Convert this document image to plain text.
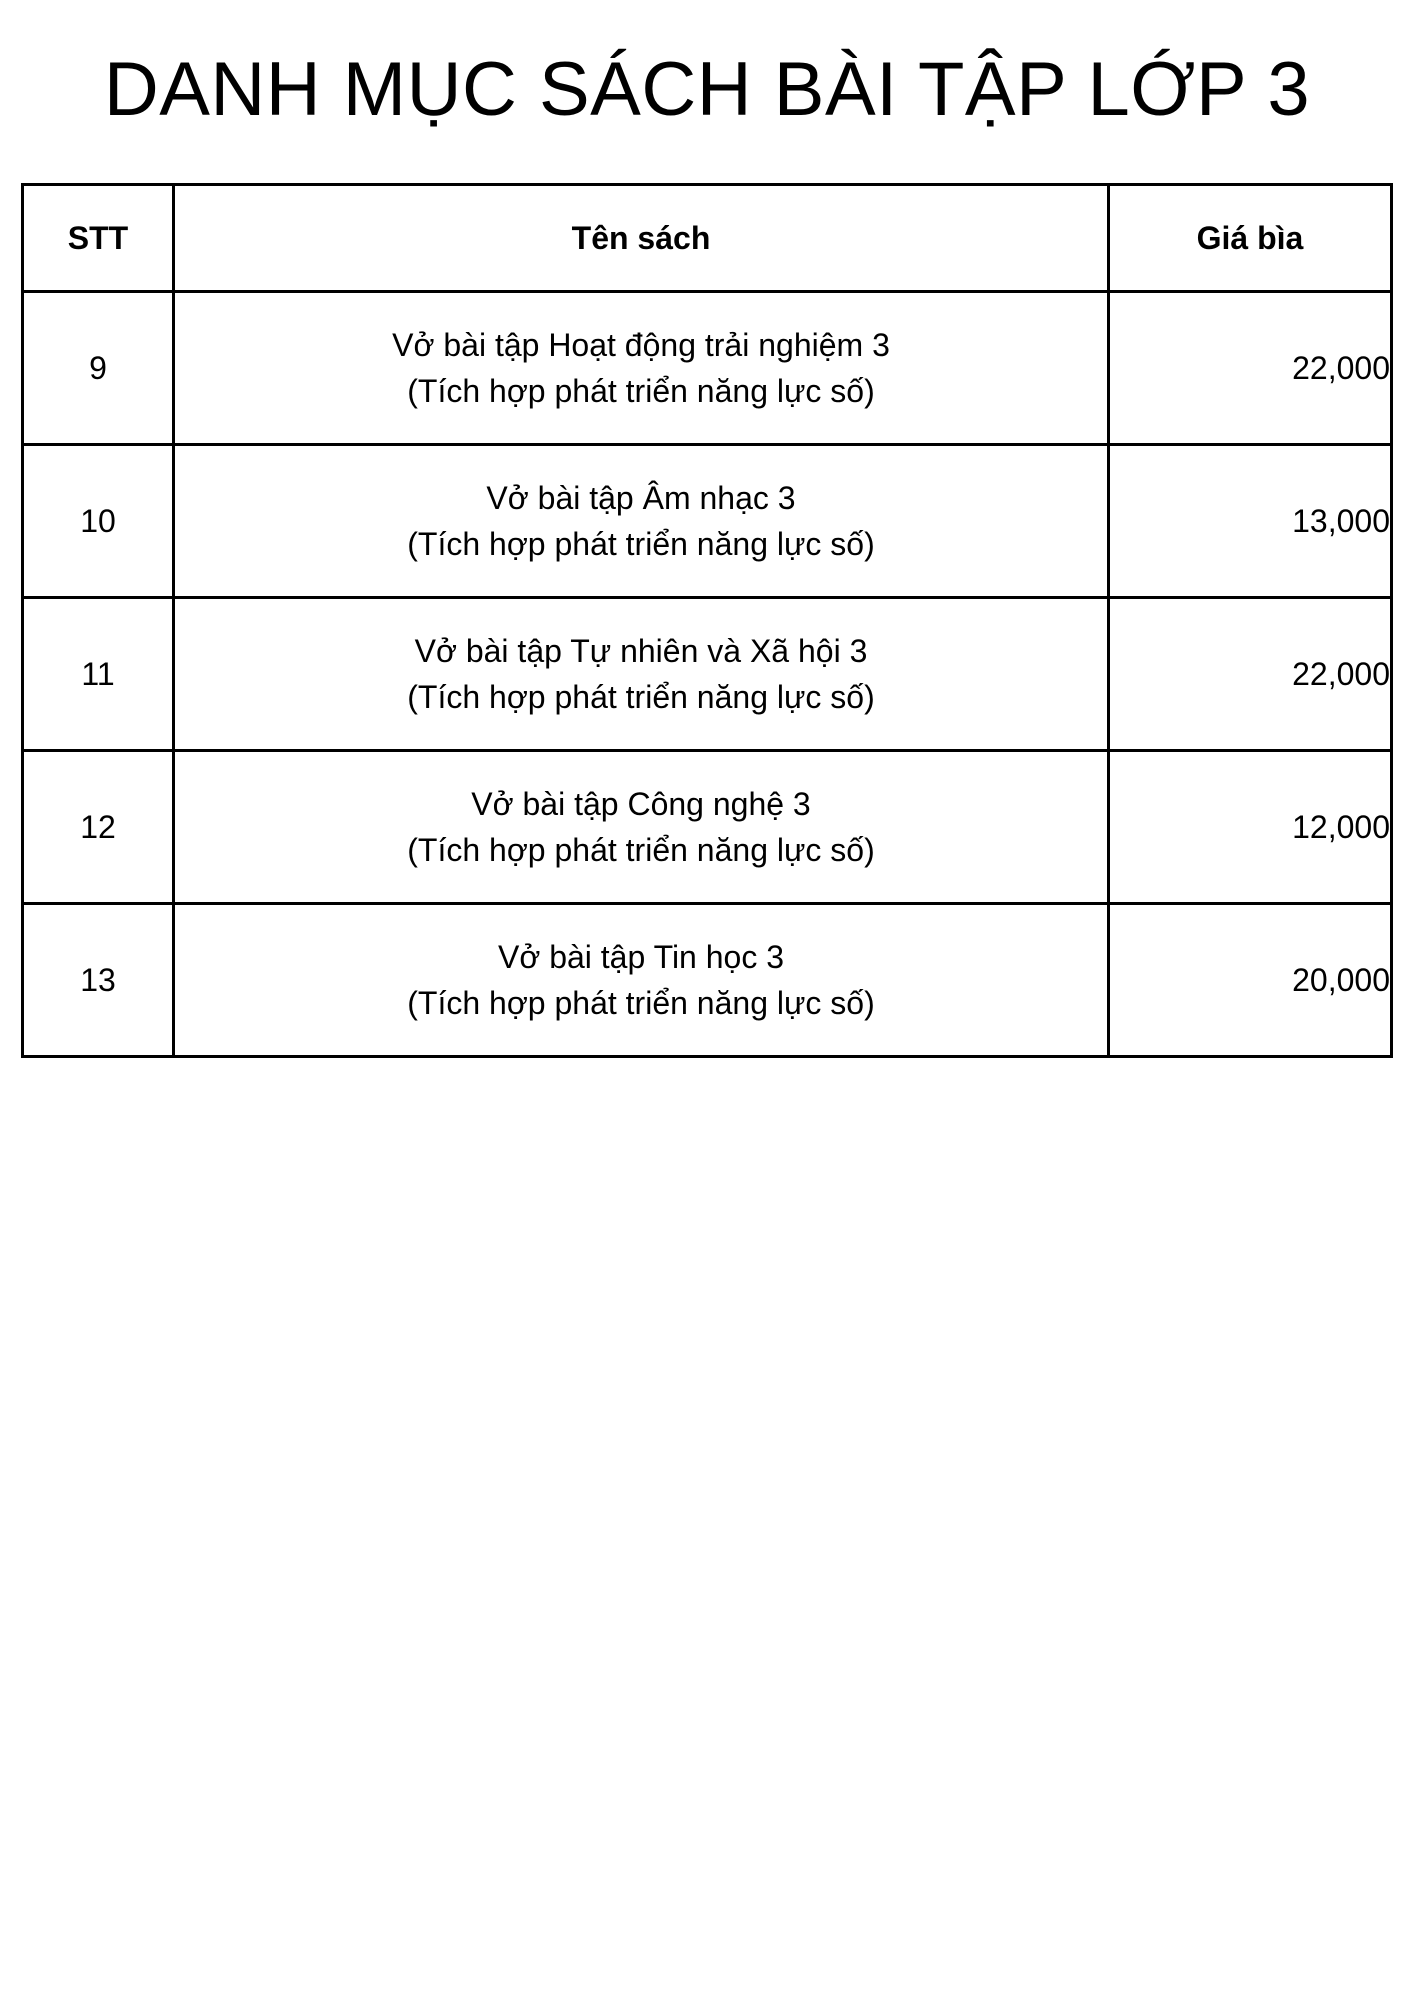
DANH MỤC SÁCH BÀI TẬP LỚP 3
STT	Tên sách	Giá bìa
9	Vở bài tập Hoạt động trải nghiệm 3
(Tích hợp phát triển năng lực số)	22,000
10	Vở bài tập Âm nhạc 3
(Tích hợp phát triển năng lực số)	13,000
11	Vở bài tập Tự nhiên và Xã hội 3
(Tích hợp phát triển năng lực số)	22,000
12	Vở bài tập Công nghệ 3
(Tích hợp phát triển năng lực số)	12,000
13	Vở bài tập Tin học 3
(Tích hợp phát triển năng lực số)	20,000
